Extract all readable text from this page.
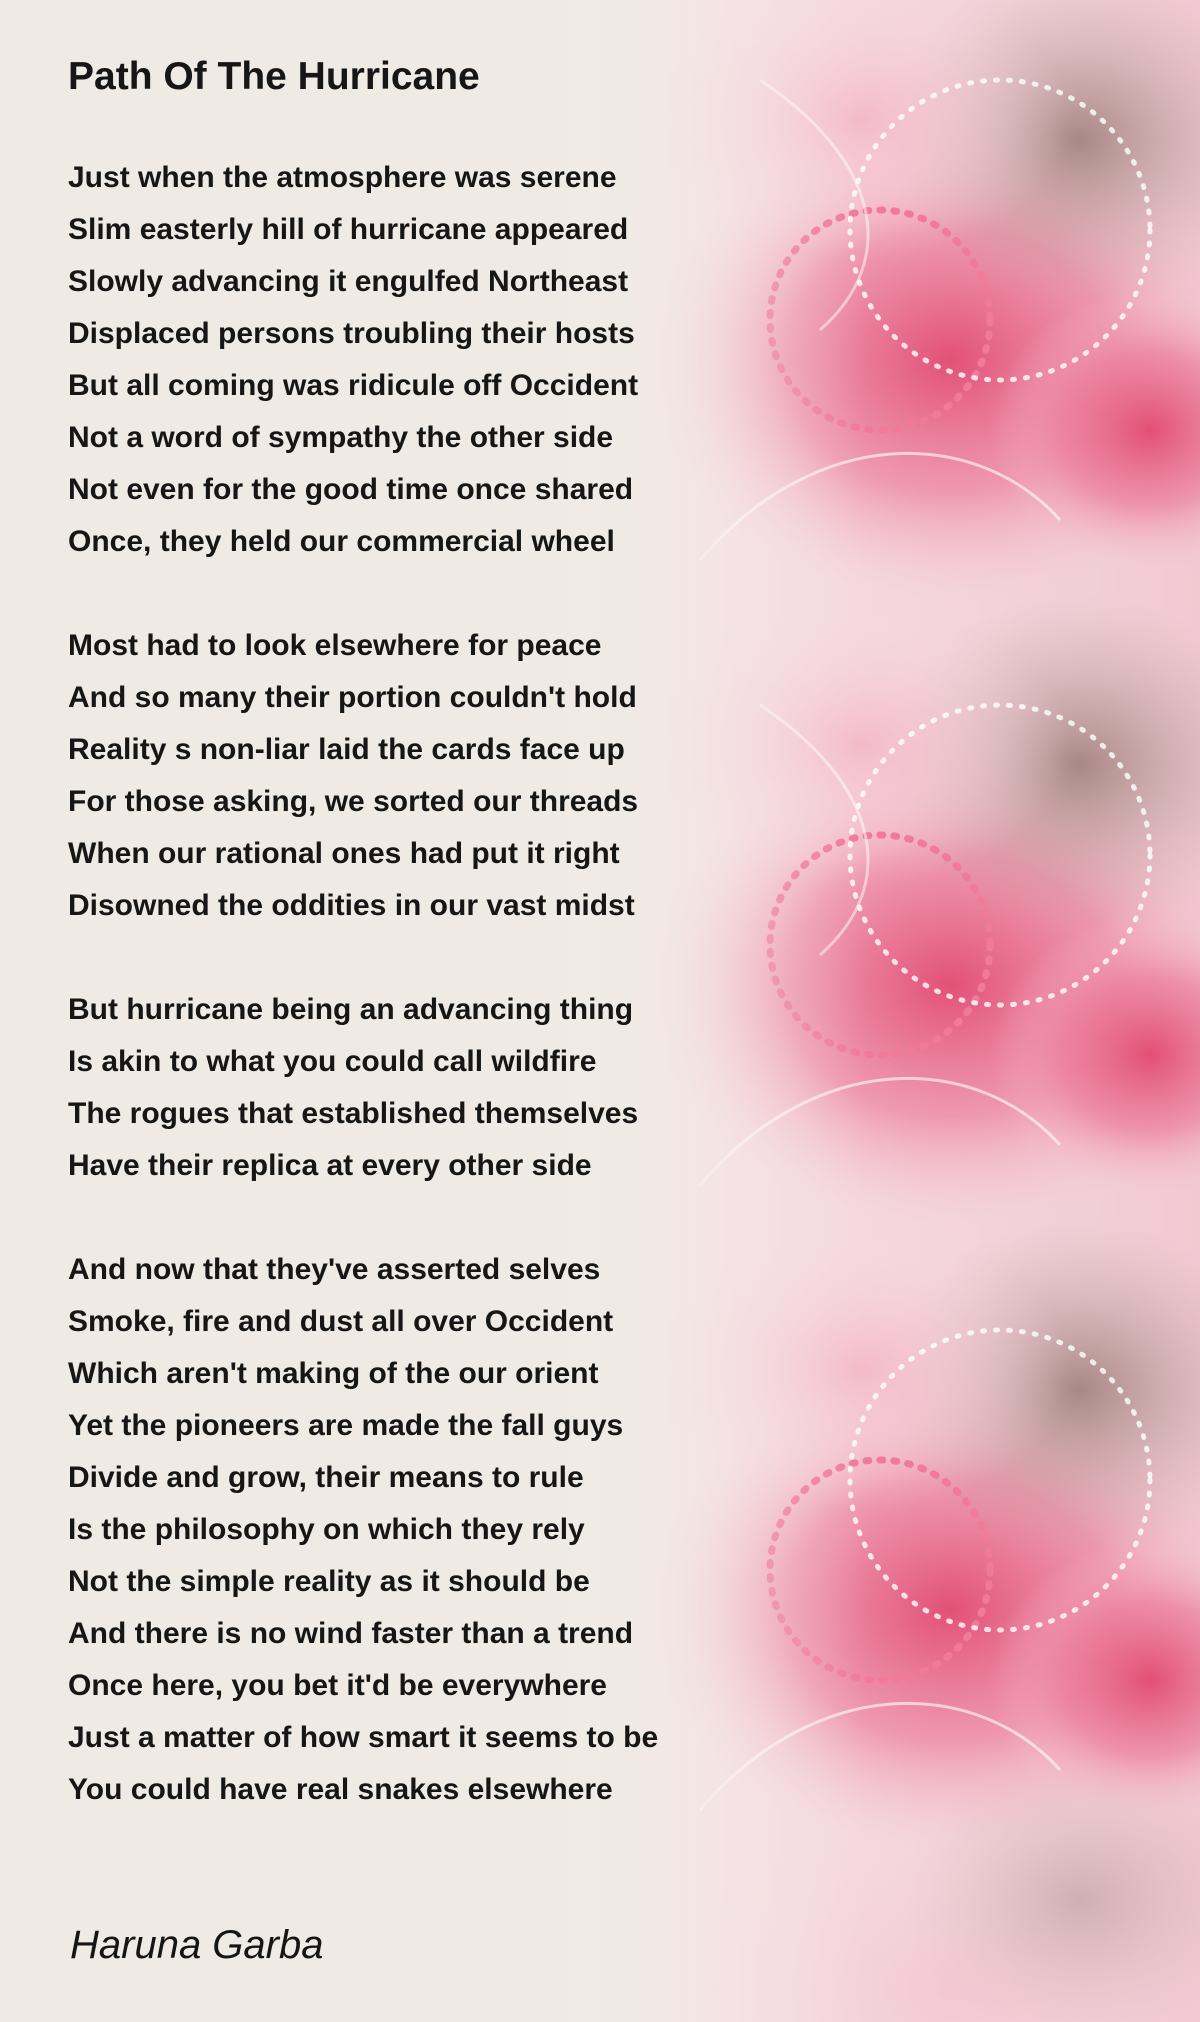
Path Of The Hurricane
Just when the atmosphere was serene
Slim easterly hill of hurricane appeared
Slowly advancing it engulfed Northeast
Displaced persons troubling their hosts
But all coming was ridicule off Occident
Not a word of sympathy the other side
Not even for the good time once shared
Once, they held our commercial wheel
Most had to look elsewhere for peace
And so many their portion couldn't hold
Reality s non-liar laid the cards face up
For those asking, we sorted our threads
When our rational ones had put it right
Disowned the oddities in our vast midst
But hurricane being an advancing thing
Is akin to what you could call wildfire
The rogues that established themselves
Have their replica at every other side
And now that they've asserted selves
Smoke, fire and dust all over Occident
Which aren't making of the our orient
Yet the pioneers are made the fall guys
Divide and grow, their means to rule
Is the philosophy on which they rely
Not the simple reality as it should be
And there is no wind faster than a trend
Once here, you bet it'd be everywhere
Just a matter of how smart it seems to be
You could have real snakes elsewhere
Haruna Garba
